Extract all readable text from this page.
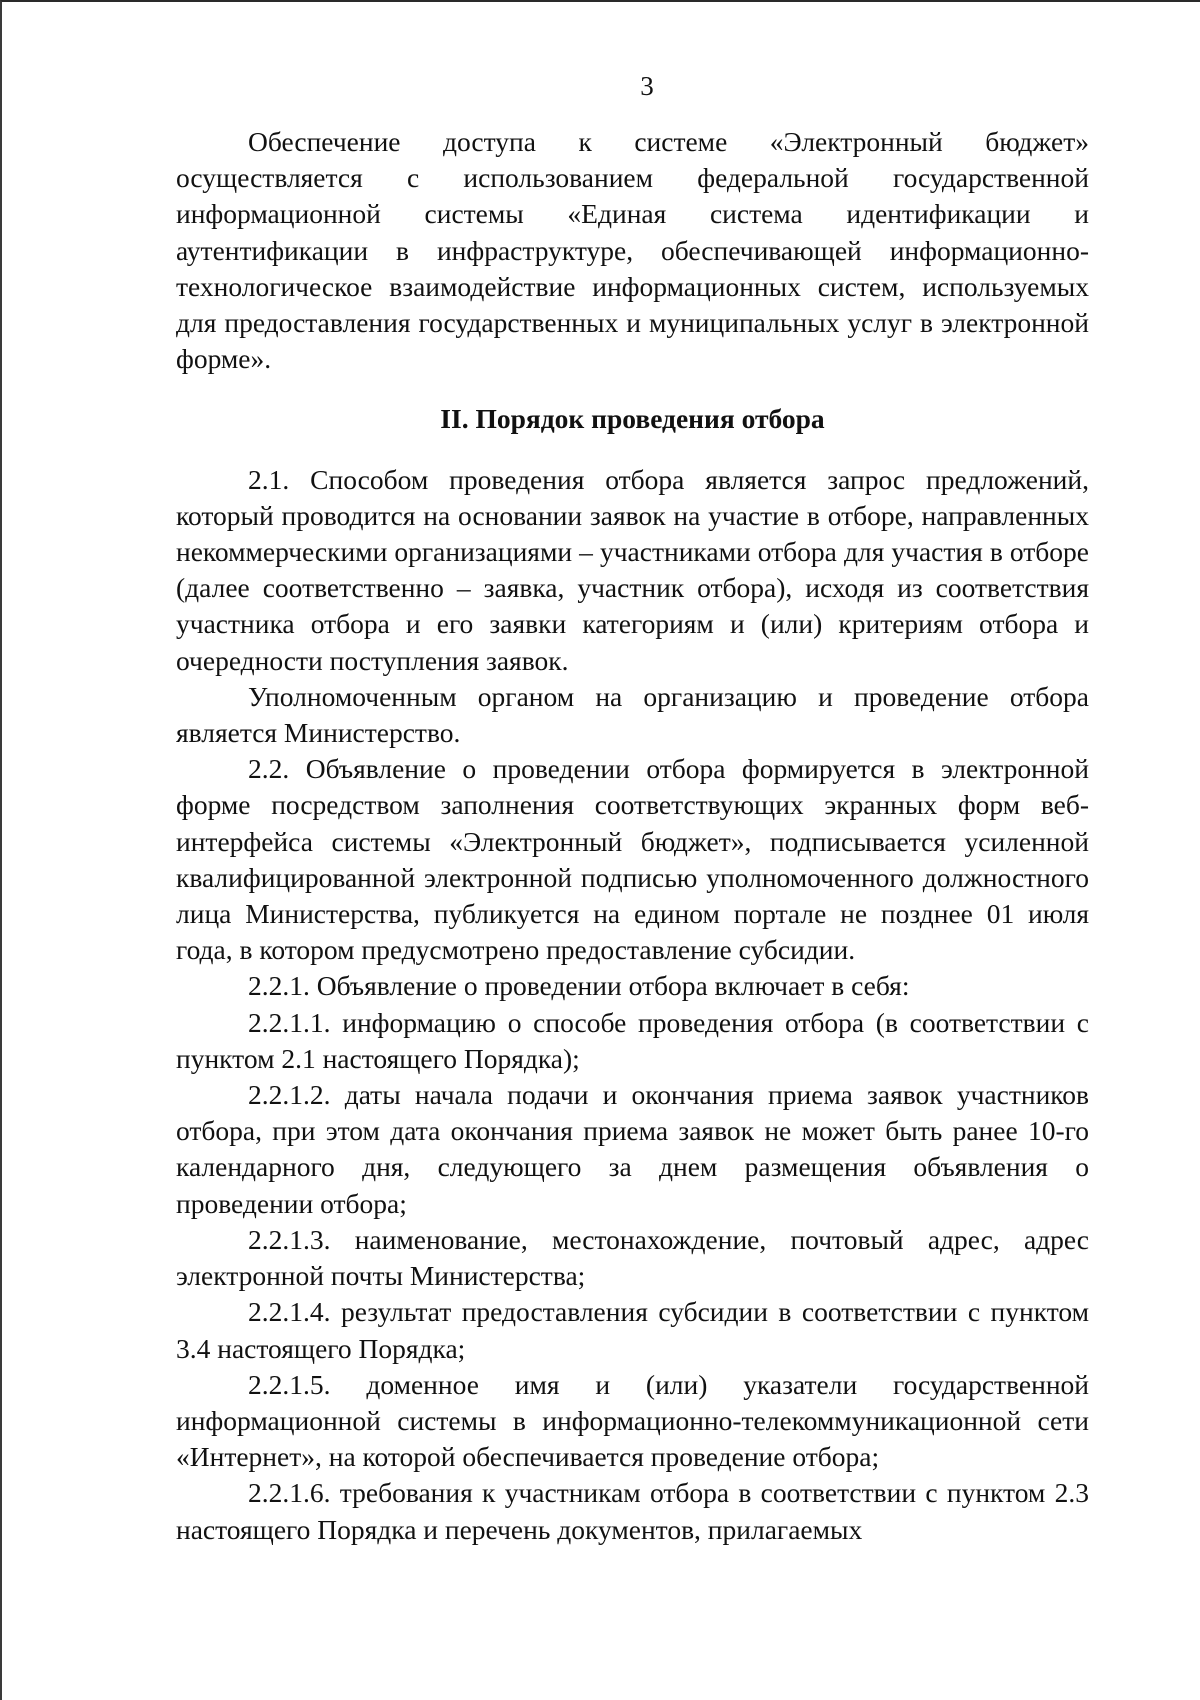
3

Обеспечение доступа к системе «Электронный бюджет» осуществляется с использованием федеральной государственной информационной системы «Единая система идентификации и аутентификации в инфраструктуре, обеспечивающей информационно-технологическое взаимодействие информационных систем, используемых для предоставления государственных и муниципальных услуг в электронной форме».

II. Порядок проведения отбора

2.1. Способом проведения отбора является запрос предложений, который проводится на основании заявок на участие в отборе, направленных некоммерческими организациями – участниками отбора для участия в отборе (далее соответственно – заявка, участник отбора), исходя из соответствия участника отбора и его заявки категориям и (или) критериям отбора и очередности поступления заявок.

Уполномоченным органом на организацию и проведение отбора является Министерство.

2.2. Объявление о проведении отбора формируется в электронной форме посредством заполнения соответствующих экранных форм веб-интерфейса системы «Электронный бюджет», подписывается усиленной квалифицированной электронной подписью уполномоченного должностного лица Министерства, публикуется на едином портале не позднее 01 июля года, в котором предусмотрено предоставление субсидии.

2.2.1. Объявление о проведении отбора включает в себя:

2.2.1.1. информацию о способе проведения отбора (в соответствии с пунктом 2.1 настоящего Порядка);

2.2.1.2. даты начала подачи и окончания приема заявок участников отбора, при этом дата окончания приема заявок не может быть ранее 10-го календарного дня, следующего за днем размещения объявления о проведении отбора;

2.2.1.3. наименование, местонахождение, почтовый адрес, адрес электронной почты Министерства;

2.2.1.4. результат предоставления субсидии в соответствии с пунктом 3.4 настоящего Порядка;

2.2.1.5. доменное имя и (или) указатели государственной информационной системы в информационно-телекоммуникационной сети «Интернет», на которой обеспечивается проведение отбора;

2.2.1.6. требования к участникам отбора в соответствии с пунктом 2.3 настоящего Порядка и перечень документов, прилагаемых
